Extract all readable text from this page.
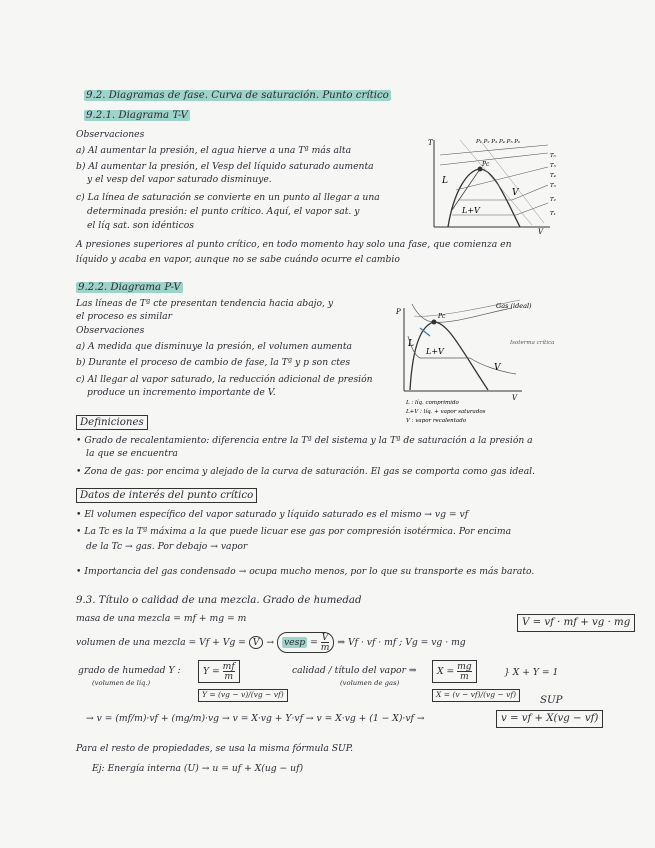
9.2. Diagramas de fase. Curva de saturación. Punto crítico
9.2.1. Diagrama T-V
Observaciones
a) Al aumentar la presión, el agua hierve a una Tª más alta
b) Al aumentar la presión, el Vesp del líquido saturado aumenta
y el vesp del vapor saturado disminuye.
c) La línea de saturación se convierte en un punto al llegar a una
determinada presión: el punto crítico. Aquí, el vapor sat. y
el líq sat. son idénticos
T
V
L
L+V
V
Pc
P₁ P₂ P₃ P₄ P₅ P₆
T₆
T₅
T₄
T₃
T₂
T₁
A presiones superiores al punto crítico, en todo momento hay solo una fase, que comienza en
líquido y acaba en vapor, aunque no se sabe cuándo ocurre el cambio
9.2.2. Diagrama P-V
Las líneas de Tª cte presentan tendencia hacia abajo, y
el proceso es similar
Observaciones
a) A medida que disminuye la presión, el volumen aumenta
b) Durante el proceso de cambio de fase, la Tª y p son ctes
c) Al llegar al vapor saturado, la reducción adicional de presión
produce un incremento importante de V.
P
V
L
L+V
V
Pc
Gas (ideal)
Isoterma crítica
L : líq. comprimido
L+V : líq. + vapor saturados
V : vapor recalentado
Definiciones
• Grado de recalentamiento: diferencia entre la Tª del sistema y la Tª de saturación a la presión a
la que se encuentra
• Zona de gas: por encima y alejado de la curva de saturación. El gas se comporta como gas ideal.
Datos de interés del punto crítico
• El volumen específico del vapor saturado y líquido saturado es el mismo → vg = vf
• La Tc es la Tª máxima a la que puede licuar ese gas por compresión isotérmica. Por encima
de la Tc → gas. Por debajo → vapor
• Importancia del gas condensado → ocupa mucho menos, por lo que su transporte es más barato.
9.3. Título o calidad de una mezcla. Grado de humedad
masa de una mezcla = mf + mg = m
volumen de una mezcla = Vf + Vg = V → vesp = $\frac{V}{m}$ ⇒ Vf · vf · mf ; Vg = vg · mg
V = vf · mf + vg · mg
grado de humedad Y :
(volumen de líq.)
$Y = \frac{mf}{m}$
Y = (vg − v)/(vg − vf)
calidad / título del vapor ⇒
(volumen de gas)
$X = \frac{mg}{m}$
X = (v − vf)/(vg − vf)
} X + Y = 1
SUP
→ v = (mf/m)·vf + (mg/m)·vg → v = X·vg + Y·vf → v = X·vg + (1 − X)·vf →	v = vf + X(vg − vf)
Para el resto de propiedades, se usa la misma fórmula SUP.
Ej: Energía interna (U) → u = uf + X(ug − uf)
